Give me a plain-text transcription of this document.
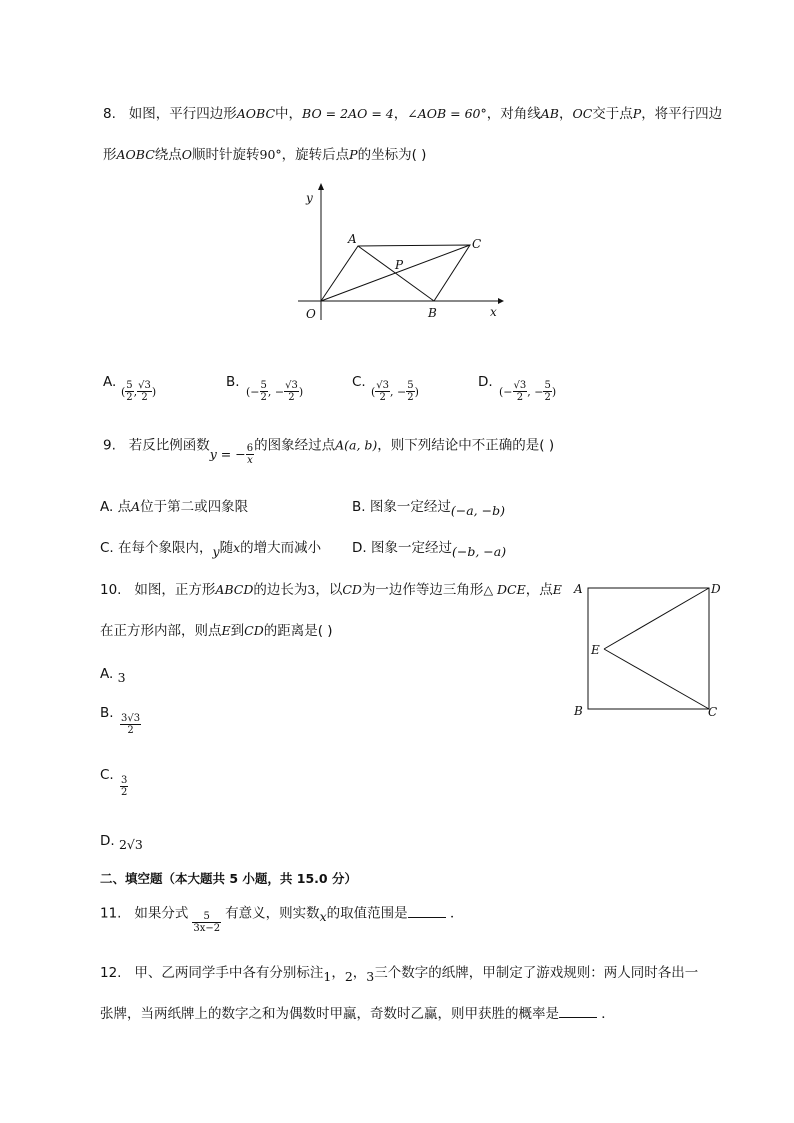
8. 如图，平行四边形AOBC中，BO = 2AO = 4，∠AOB = 60°，对角线AB，OC交于点P，将平行四边
形AOBC绕点O顺时针旋转90°，旋转后点P的坐标为( )
y
x
A	C
P
O	B
A.
( $\frac{5}{2}$ , $\frac{√3}{2}$ )
B.
(− $\frac{5}{2}$ , − $\frac{√3}{2}$ )
C.
( $\frac{√3}{2}$ , − $\frac{5}{2}$ )
D.
(− $\frac{√3}{2}$ , − $\frac{5}{2}$ )
9. 若反比例函数y = − $\frac{6}{x}$ 的图象经过点A(a, b)，则下列结论中不正确的是( )
A. 点A位于第二或四象限	B. 图象一定经过(−a, −b)
C. 在每个象限内，y随x的增大而减小 D. 图象一定经过(−b, −a)
10. 如图，正方形ABCD的边长为3，以CD为一边作等边三角形△ DCE，点E
在正方形内部，则点E到CD的距离是( )
A. 3
B. $\frac{3√3}{2}$
C. $\frac{3}{2}$
D. 2√3
A	D
E
B	C
二、填空题（本大题共 5 小题，共 15.0 分）
11. 如果分式 $\frac{5}{3x-2}$ 有意义，则实数x的取值范围是	．
12. 甲、乙两同学手中各有分别标注1，2，3三个数字的纸牌，甲制定了游戏规则：两人同时各出一
张牌，当两纸牌上的数字之和为偶数时甲赢，奇数时乙赢，则甲获胜的概率是	．
